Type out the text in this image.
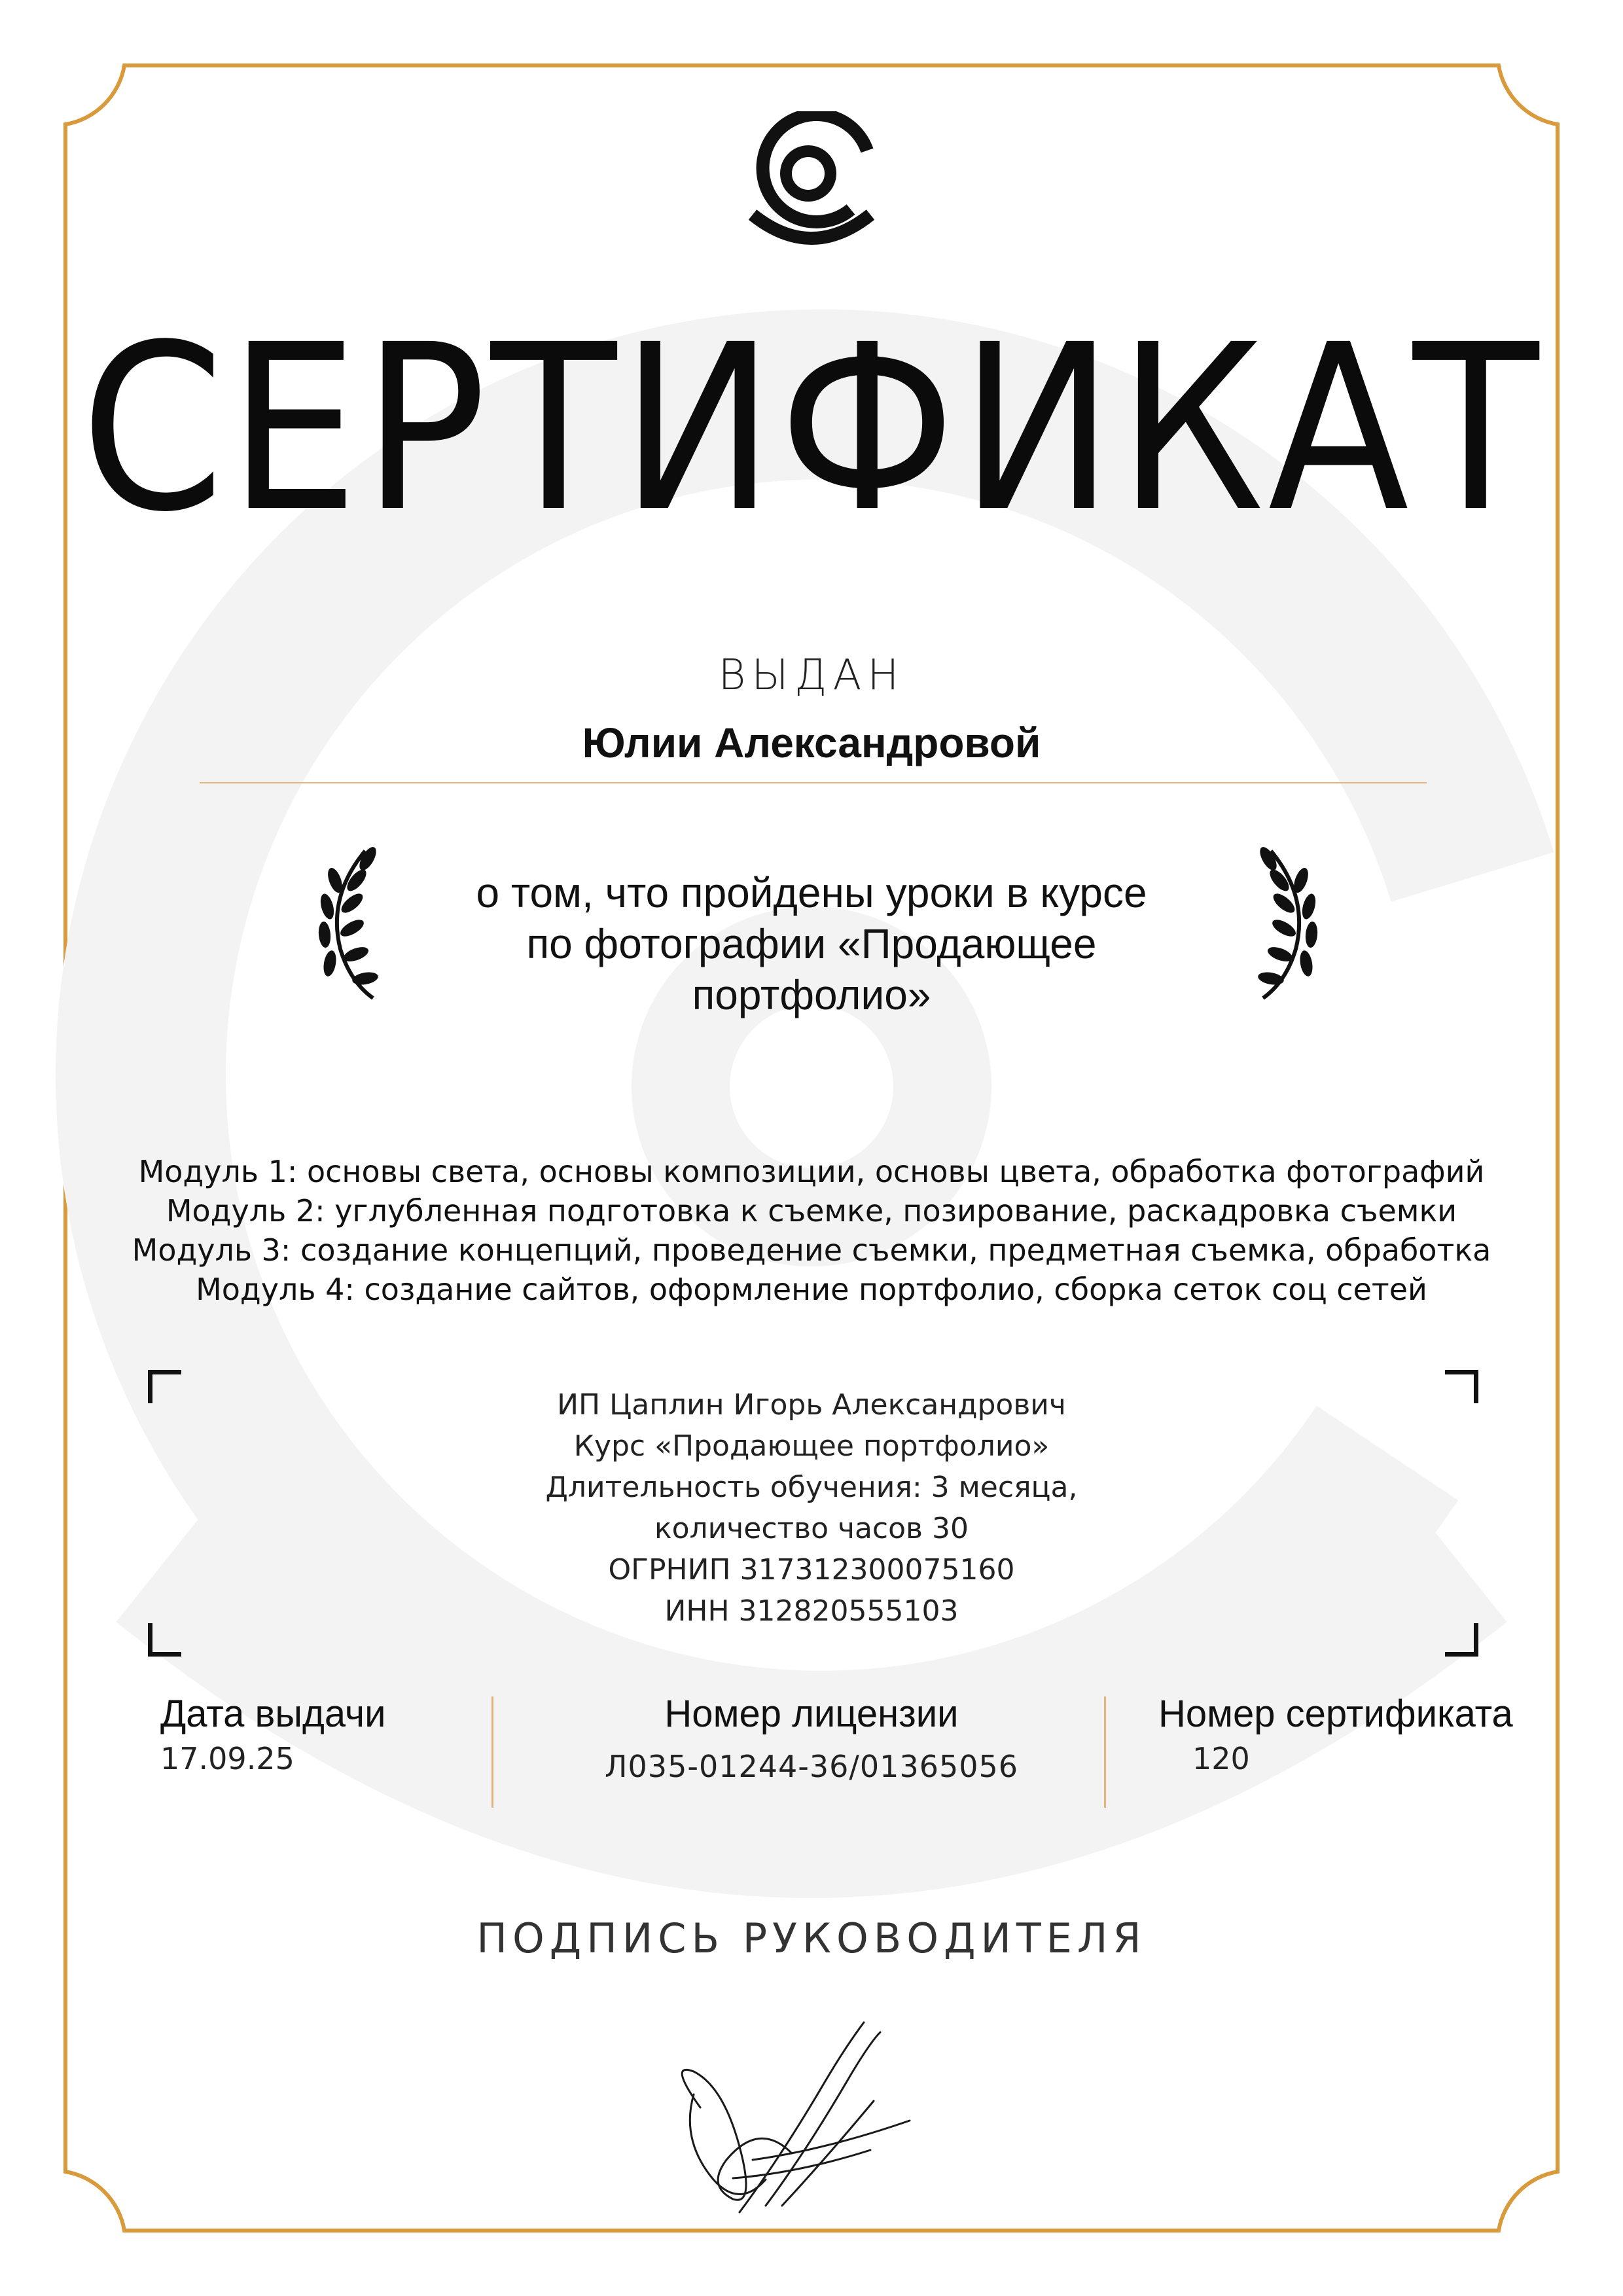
СЕРТИФИКАТ
ВЫДАН
Юлии Александровой
о том, что пройдены уроки в курсе
по фотографии «Продающее
портфолио»
Модуль 1: основы света, основы композиции, основы цвета, обработка фотографий
Модуль 2: углубленная подготовка к съемке, позирование, раскадровка съемки
Модуль 3: создание концепций, проведение съемки, предметная съемка, обработка
Модуль 4: создание сайтов, оформление портфолио, сборка сеток соц сетей
ИП Цаплин Игорь Александрович
Курс «Продающее портфолио»
Длительность обучения: 3 месяца,
количество часов 30
ОГРНИП 317312300075160
ИНН 312820555103
Дата выдачи
17.09.25
Номер лицензии
Л035-01244-36/01365056
Номер сертификата
120
ПОДПИСЬ РУКОВОДИТЕЛЯ
